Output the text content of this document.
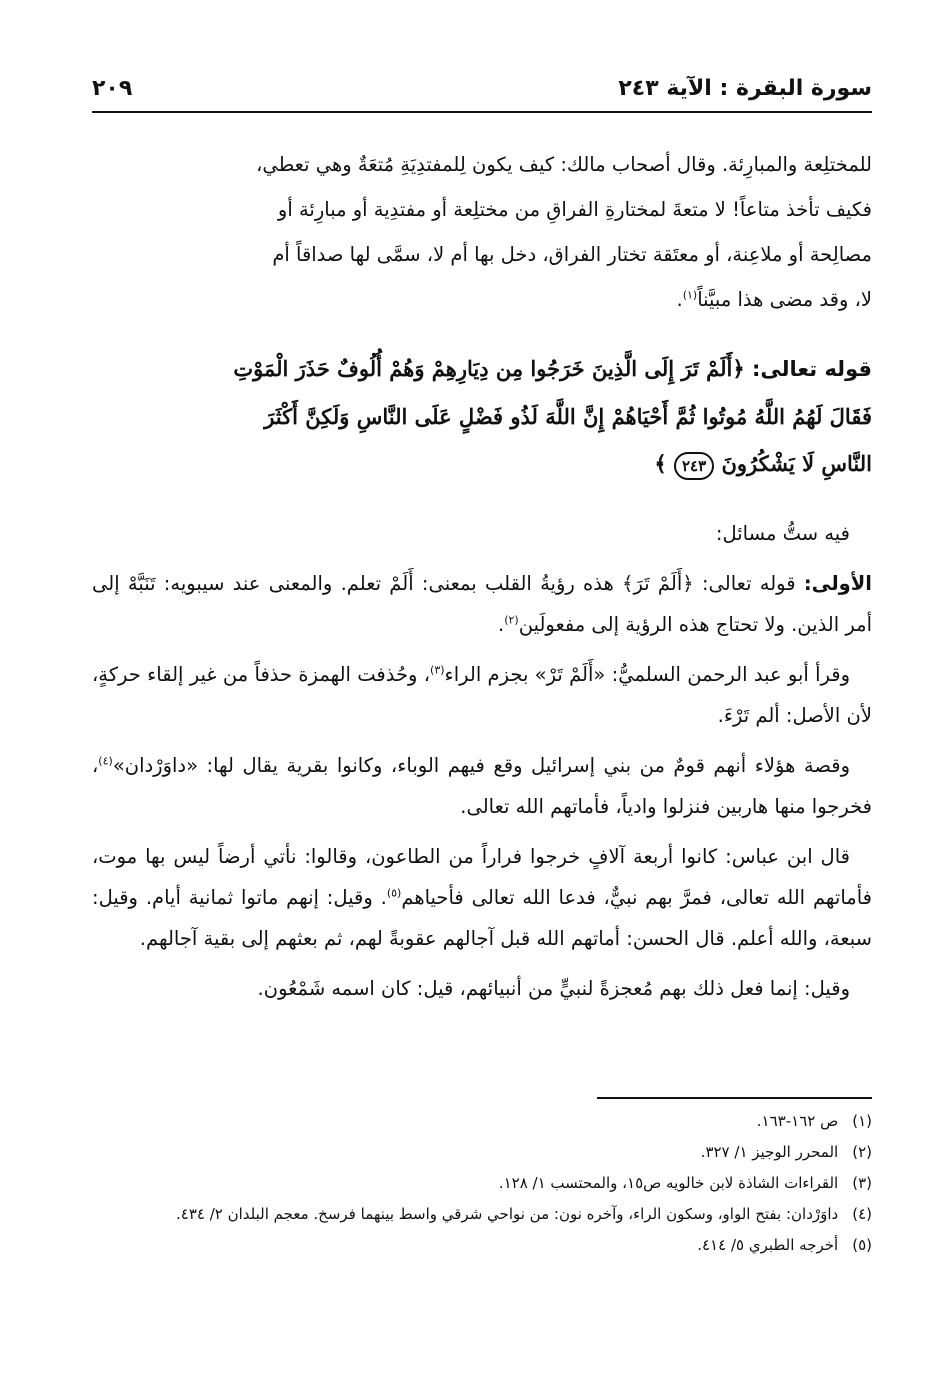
سورة البقرة : الآية ٢٤٣
٢٠٩

للمختلِعة والمبارِئة. وقال أصحاب مالك: كيف يكون لِلمفتدِيَةِ مُتعَةٌ وهي تعطي،

فكيف تأخذ متاعاً! لا متعةَ لمختارةِ الفراقِ من مختلِعة أو مفتدِية أو مبارِئة أو

مصالِحة أو ملاعِنة، أو معتَقة تختار الفراق، دخل بها أم لا، سمَّى لها صداقاً أم

لا، وقد مضى هذا مبيَّناً$^{(١)}$.

قوله تعالى: ﴿أَلَمْ تَرَ إِلَى الَّذِينَ خَرَجُوا مِن دِيَارِهِمْ وَهُمْ أُلُوفٌ حَذَرَ الْمَوْتِ
فَقَالَ لَهُمُ اللَّهُ مُوتُوا ثُمَّ أَحْيَاهُمْ إِنَّ اللَّهَ لَذُو فَضْلٍ عَلَى النَّاسِ وَلَكِنَّ أَكْثَرَ
النَّاسِ لَا يَشْكُرُونَ ٢٤٣ ﴾

فيه ستُّ مسائل:

الأولى: قوله تعالى: ﴿أَلَمْ تَرَ﴾ هذه رؤيةُ القلب بمعنى: أَلَمْ تعلم. والمعنى عند سيبويه: تَنَبَّهْ إلى أمر الذين. ولا تحتاج هذه الرؤية إلى مفعولَين$^{(٢)}$.

وقرأ أبو عبد الرحمن السلميُّ: «أَلَمْ تَرْ» بجزم الراء$^{(٣)}$، وحُذفت الهمزة حذفاً من غير إلقاء حركةٍ، لأن الأصل: ألم تَرْءَ.

وقصة هؤلاء أنهم قومٌ من بني إسرائيل وقع فيهم الوباء، وكانوا بقرية يقال لها: «داوَرْدان»$^{(٤)}$، فخرجوا منها هاربين فنزلوا وادياً، فأماتهم الله تعالى.

قال ابن عباس: كانوا أربعة آلافٍ خرجوا فراراً من الطاعون، وقالوا: نأتي أرضاً ليس بها موت، فأماتهم الله تعالى، فمرَّ بهم نبيٌّ، فدعا الله تعالى فأحياهم$^{(٥)}$. وقيل: إنهم ماتوا ثمانية أيام. وقيل: سبعة، والله أعلم. قال الحسن: أماتهم الله قبل آجالهم عقوبةً لهم، ثم بعثهم إلى بقية آجالهم.

وقيل: إنما فعل ذلك بهم مُعجزةً لنبيٍّ من أنبيائهم، قيل: كان اسمه شَمْعُون.

(١)
ص ١٦٢-١٦٣.
(٢)
المحرر الوجيز ١/ ٣٢٧.
(٣)
القراءات الشاذة لابن خالويه ص١٥، والمحتسب ١/ ١٢٨.
(٤)
داوَرْدان: بفتح الواو، وسكون الراء، وآخره نون: من نواحي شرقي واسط بينهما فرسخ. معجم البلدان ٢/ ٤٣٤.
(٥)
أخرجه الطبري ٥/ ٤١٤.
